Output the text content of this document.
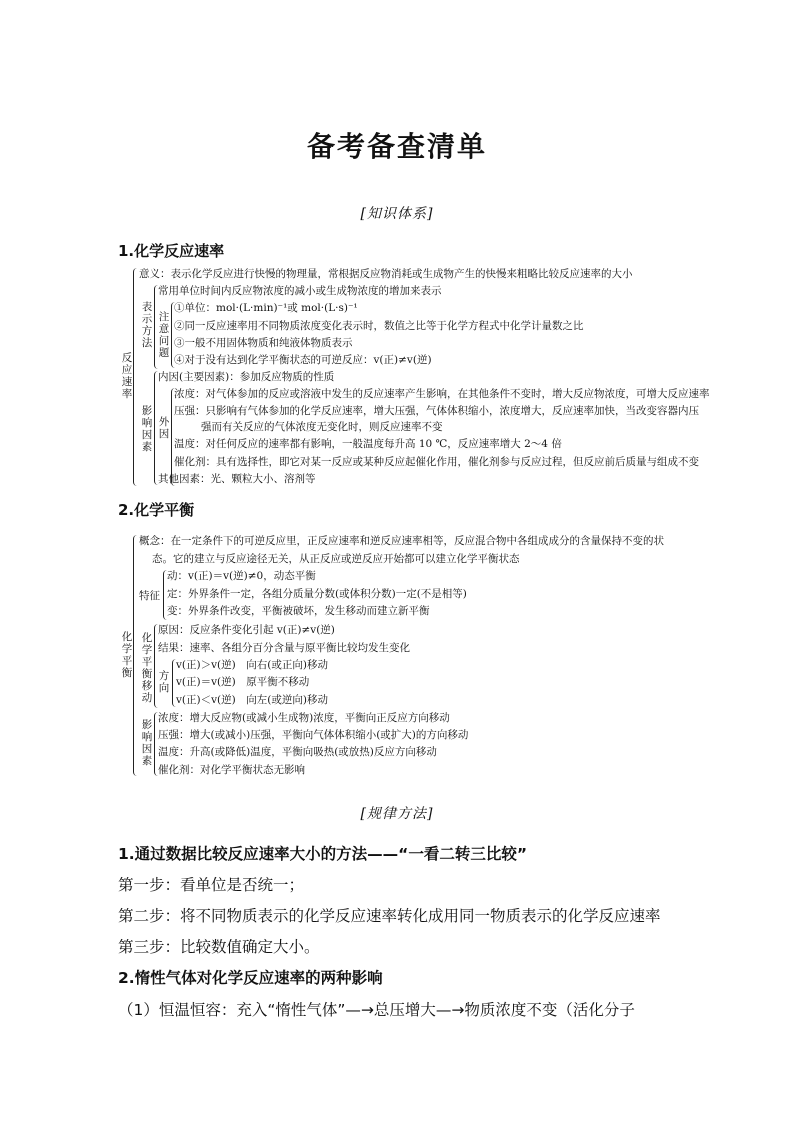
备考备查清单
[知识体系]
1.化学反应速率
反应速率
意义：表示化学反应进行快慢的物理量，常根据反应物消耗或生成物产生的快慢来粗略比较反应速率的大小
表示方法
常用单位时间内反应物浓度的减小或生成物浓度的增加来表示
注意问题
①单位：mol·(L·min)⁻¹或 mol·(L·s)⁻¹
②同一反应速率用不同物质浓度变化表示时，数值之比等于化学方程式中化学计量数之比
③一般不用固体物质和纯液体物质表示
④对于没有达到化学平衡状态的可逆反应：v(正)≠v(逆)
影响因素
内因(主要因素)：参加反应物质的性质
外因
浓度：对气体参加的反应或溶液中发生的反应速率产生影响，在其他条件不变时，增大反应物浓度，可增大反应速率
压强：只影响有气体参加的化学反应速率，增大压强，气体体积缩小，浓度增大，反应速率加快，当改变容器内压
强而有关反应的气体浓度无变化时，则反应速率不变
温度：对任何反应的速率都有影响，一般温度每升高 10 ℃，反应速率增大 2～4 倍
催化剂：具有选择性，即它对某一反应或某种反应起催化作用，催化剂参与反应过程，但反应前后质量与组成不变
其他因素：光、颗粒大小、溶剂等
2.化学平衡
化学平衡
概念：在一定条件下的可逆反应里，正反应速率和逆反应速率相等，反应混合物中各组成成分的含量保持不变的状
态。它的建立与反应途径无关，从正反应或逆反应开始都可以建立化学平衡状态
特征
动：v(正)＝v(逆)≠0，动态平衡
定：外界条件一定，各组分质量分数(或体积分数)一定(不是相等)
变：外界条件改变，平衡被破坏，发生移动而建立新平衡
化学平衡移动
原因：反应条件变化引起 v(正)≠v(逆)
结果：速率、各组分百分含量与原平衡比较均发生变化
方向
v(正)＞v(逆)　向右(或正向)移动
v(正)＝v(逆)　原平衡不移动
v(正)＜v(逆)　向左(或逆向)移动
影响因素
浓度：增大反应物(或减小生成物)浓度，平衡向正反应方向移动
压强：增大(或减小)压强，平衡向气体体积缩小(或扩大)的方向移动
温度：升高(或降低)温度，平衡向吸热(或放热)反应方向移动
催化剂：对化学平衡状态无影响
[规律方法]
1.通过数据比较反应速率大小的方法——“一看二转三比较”
第一步：看单位是否统一；
第二步：将不同物质表示的化学反应速率转化成用同一物质表示的化学反应速率
第三步：比较数值确定大小。
2.惰性气体对化学反应速率的两种影响
（1）恒温恒容：充入“惰性气体”—→总压增大—→物质浓度不变（活化分子
